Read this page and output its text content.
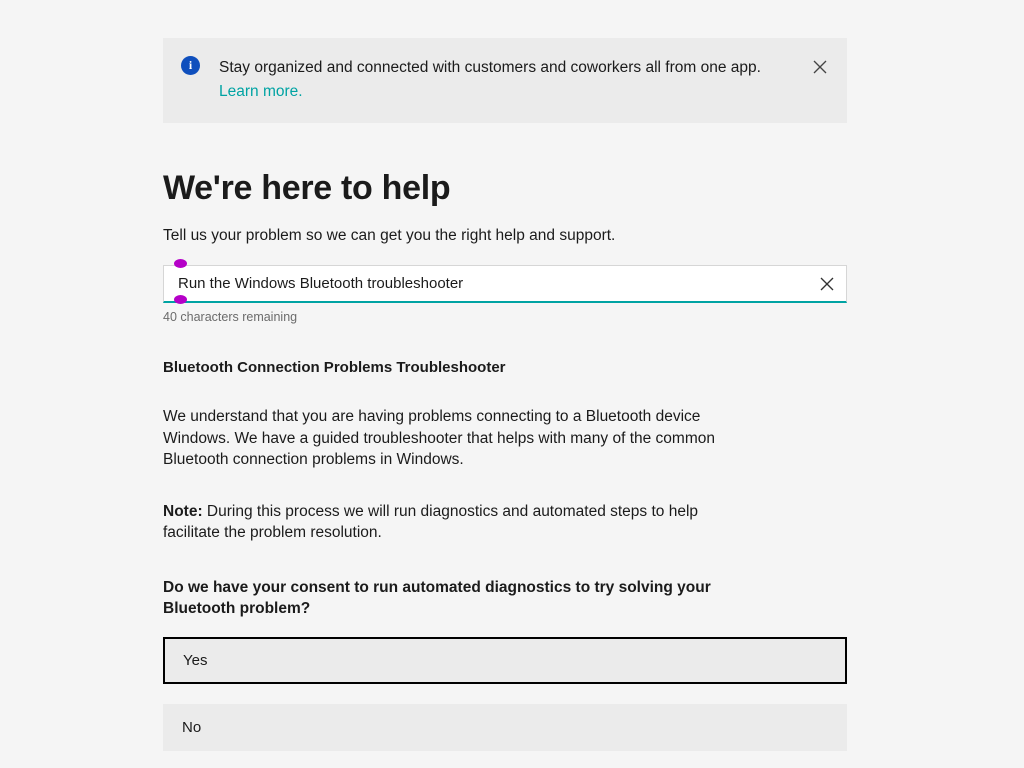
i	Stay organized and connected with customers and coworkers all from one app.
Learn more.
We're here to help

Tell us your problem so we can get you the right help and support.

Run the Windows Bluetooth troubleshooter
40 characters remaining
Bluetooth Connection Problems Troubleshooter
We understand that you are having problems connecting to a Bluetooth device Windows. We have a guided troubleshooter that helps with many of the common Bluetooth connection problems in Windows.
Note: During this process we will run diagnostics and automated steps to help facilitate the problem resolution.
Do we have your consent to run automated diagnostics to try solving your Bluetooth problem?
Yes
No
